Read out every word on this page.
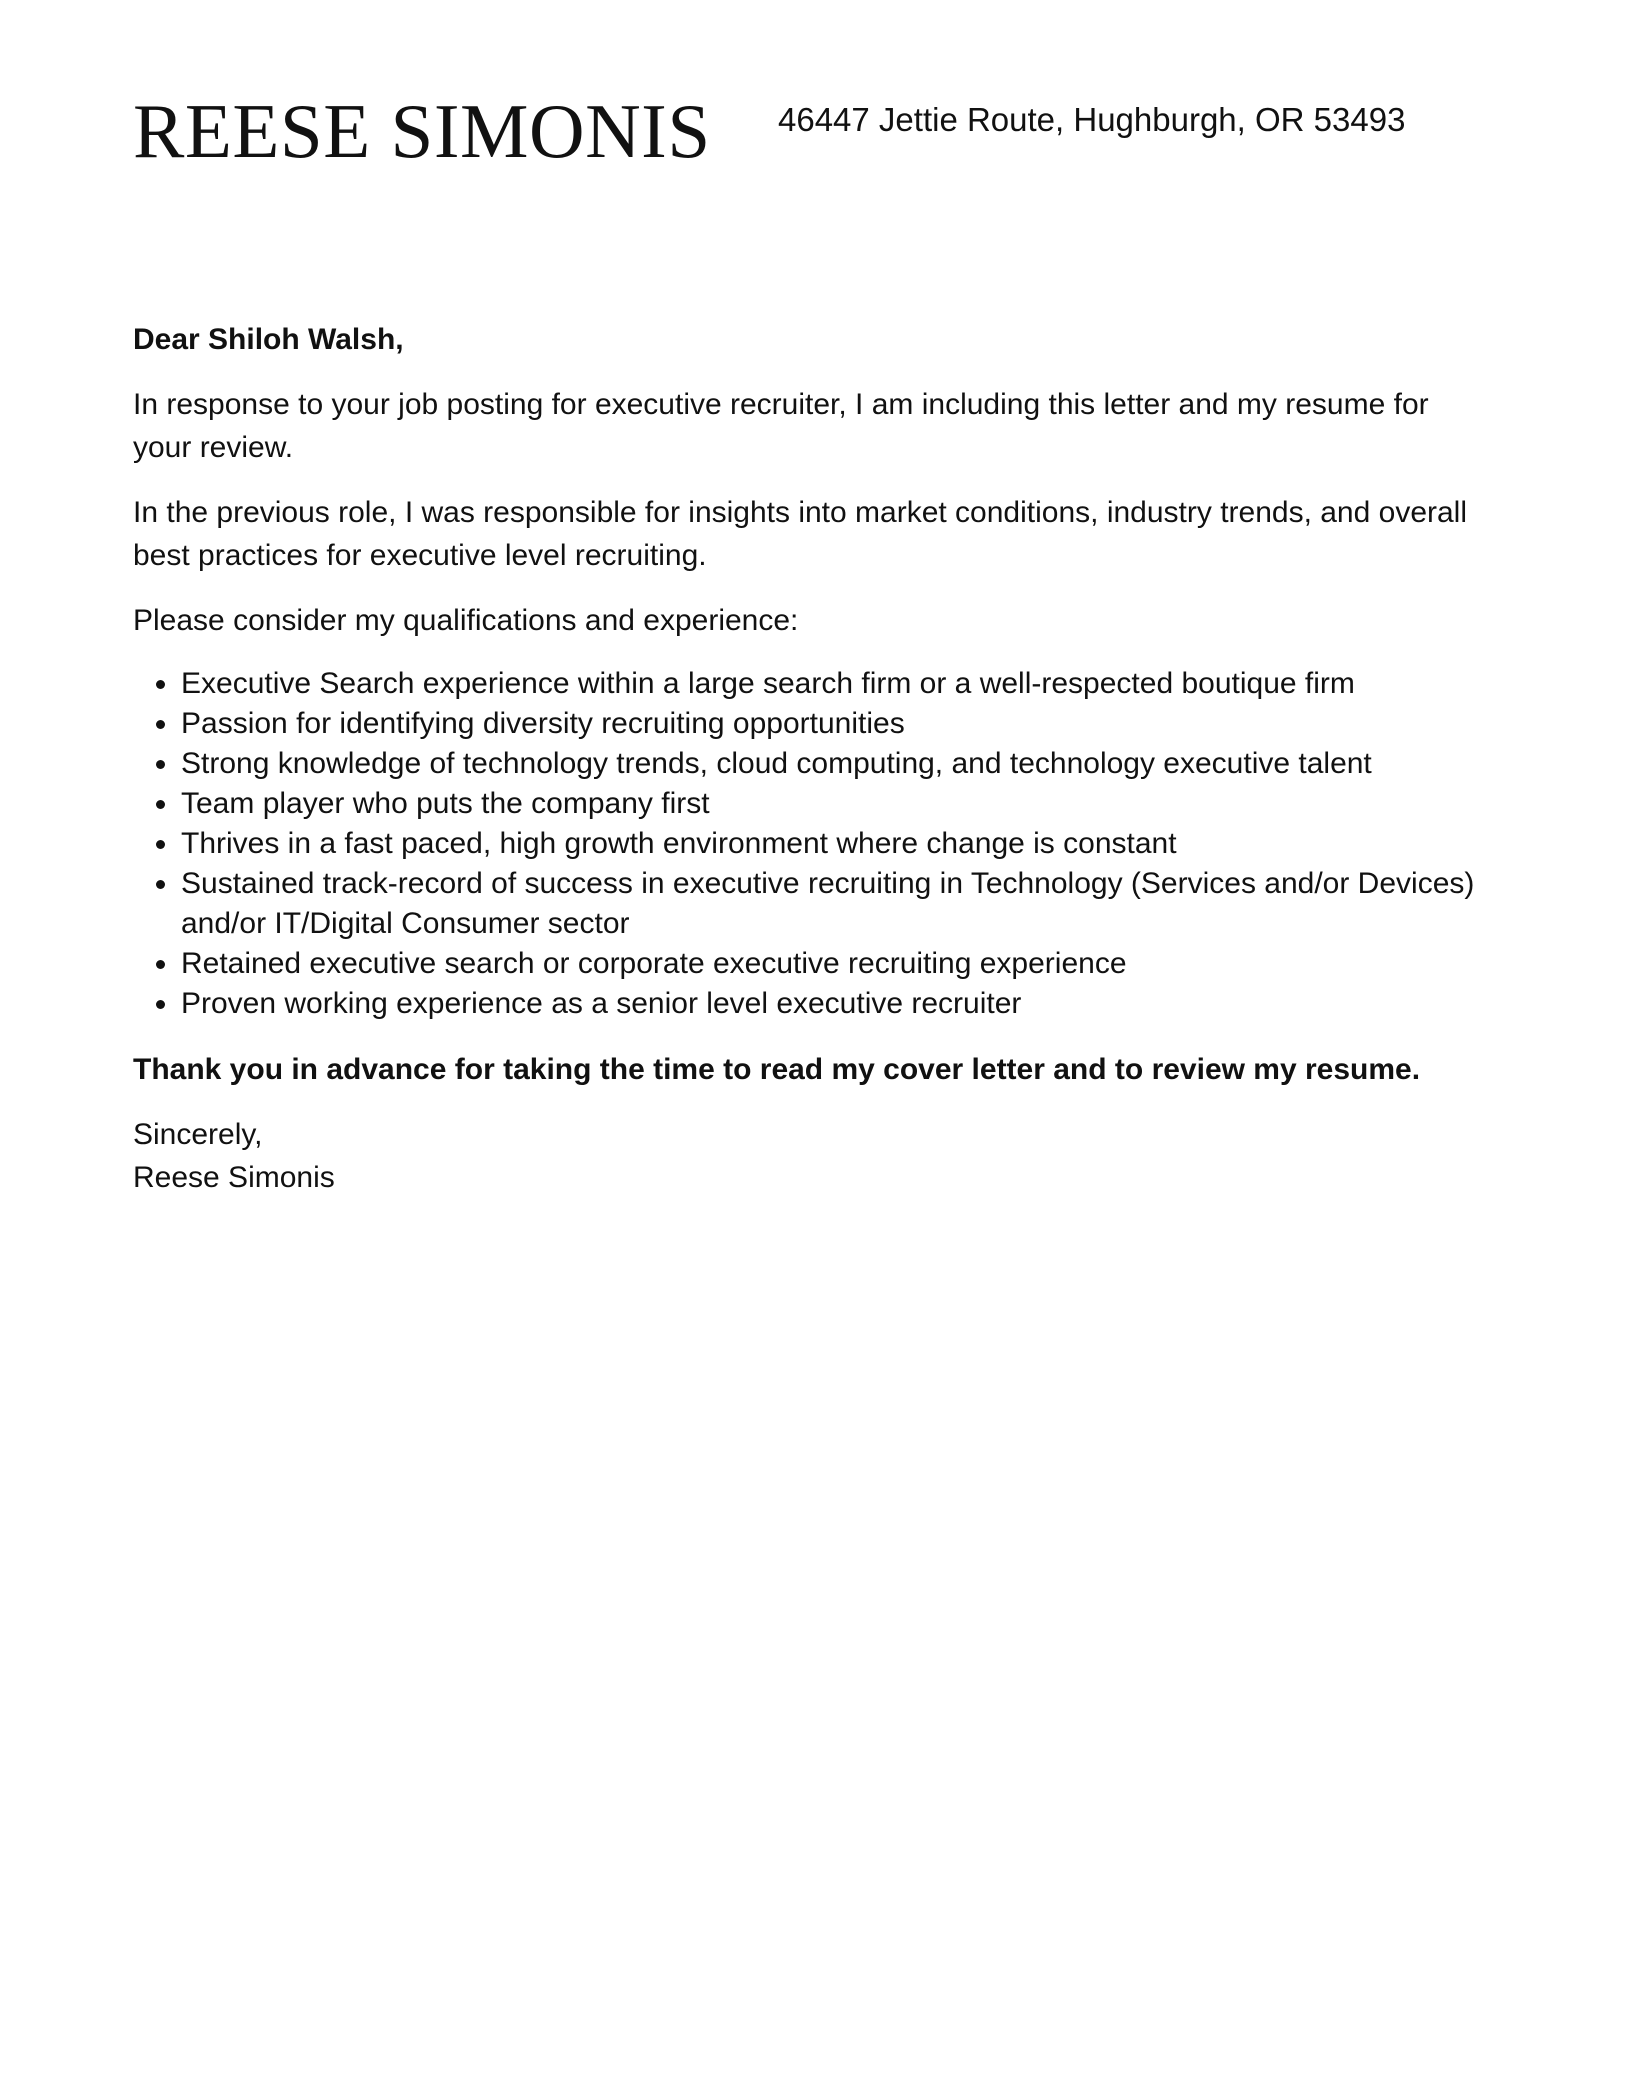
REESE SIMONIS 46447 Jettie Route, Hughburgh, OR 53493

Dear Shiloh Walsh,

In response to your job posting for executive recruiter, I am including this letter and my resume for your review.

In the previous role, I was responsible for insights into market conditions, industry trends, and overall best practices for executive level recruiting.

Please consider my qualifications and experience:

Executive Search experience within a large search firm or a well-respected boutique firm
Passion for identifying diversity recruiting opportunities
Strong knowledge of technology trends, cloud computing, and technology executive talent
Team player who puts the company first
Thrives in a fast paced, high growth environment where change is constant
Sustained track-record of success in executive recruiting in Technology (Services and/or Devices) and/or IT/Digital Consumer sector
Retained executive search or corporate executive recruiting experience
Proven working experience as a senior level executive recruiter

Thank you in advance for taking the time to read my cover letter and to review my resume.

Sincerely,

Reese Simonis
